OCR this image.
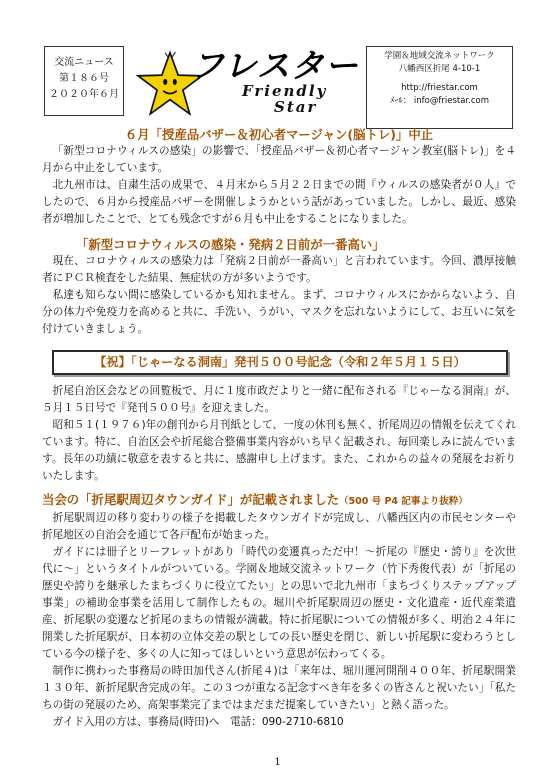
交流ニュース
第１８６号
２０２０年６月
フレスター
Friendly
Star
学園＆地域交流ネットワーク
八幡西区折尾 4-10-1
http://friestar.com
ﾒｰﾙ： info@friestar.com
６月「授産品バザー＆初心者マージャン(脳トレ)」中止

「新型コロナウィルスの感染」の影響で、「授産品バザー＆初心者マージャン教室(脳トレ)」を４月から中止をしています。

北九州市は、自粛生活の成果で、４月末から５月２２日までの間『ウィルスの感染者が０人』でしたので、６月から授産品バザーを開催しようかという話があっていました。しかし、最近、感染者が増加したことで、とても残念ですが６月も中止をすることになりました。

「新型コロナウィルスの感染・発病２日前が一番高い」

現在、コロナウィルスの感染力は「発病２日前が一番高い」と言われています。今回、濃厚接触者にＰＣＲ検査をした結果、無症状の方が多いようです。

私達も知らない間に感染しているかも知れません。まず、コロナウィルスにかからないよう、自分の体力や免疫力を高めると共に、手洗い、うがい、マスクを忘れないようにして、お互いに気を付けていきましょう。

【祝】「じゃーなる洞南」発刊５００号記念（令和２年５月１５日）

折尾自治区会などの回覧板で、月に１度市政だよりと一緒に配布される『じゃーなる洞南』が、５月１５日号で『発刊５００号』を迎えました。

昭和５１(１９７６)年の創刊から月刊紙として、一度の休刊も無く、折尾周辺の情報を伝えてくれています。特に、自治区会や折尾総合整備事業内容がいち早く記載され、毎回楽しみに読んでいます。長年の功績に敬意を表すると共に、感謝申し上げます。また、これからの益々の発展をお祈りいたします。

当会の「折尾駅周辺タウンガイド」が記載されました（500 号 P4 記事より抜粋）

折尾駅周辺の移り変わりの様子を掲載したタウンガイドが完成し、八幡西区内の市民センターや折尾地区の自治会を通じて各戸配布が始まった。

ガイドには冊子とリーフレットがあり「時代の変遷真っただ中！～折尾の『歴史・誇り』を次世代に～」というタイトルがついている。学園＆地域交流ネットワーク（竹下秀俊代表）が「折尾の歴史や誇りを継承したまちづくりに役立てたい」との思いで北九州市「まちづくりステップアップ事業」の補助金事業を活用して制作したもの。堀川や折尾駅周辺の歴史・文化遺産・近代産業遺産、折尾駅の変遷など折尾のまちの情報が満載。特に折尾駅についての情報が多く、明治２４年に開業した折尾駅が、日本初の立体交差の駅としての長い歴史を閉じ、新しい折尾駅に変わろうとしている今の様子を、多くの人に知ってほしいという意思が伝わってくる。

制作に携わった事務局の時田加代さん(折尾４)は「来年は、堀川運河開削４００年、折尾駅開業１３０年、新折尾駅舎完成の年。この３つが重なる記念すべき年を多くの皆さんと祝いたい」「私たちの街の発展のため、高架事業完了まではまだまだ提案していきたい」と熱く語った。

ガイド入用の方は、事務局(時田)へ　電話：090-2710-6810

1
